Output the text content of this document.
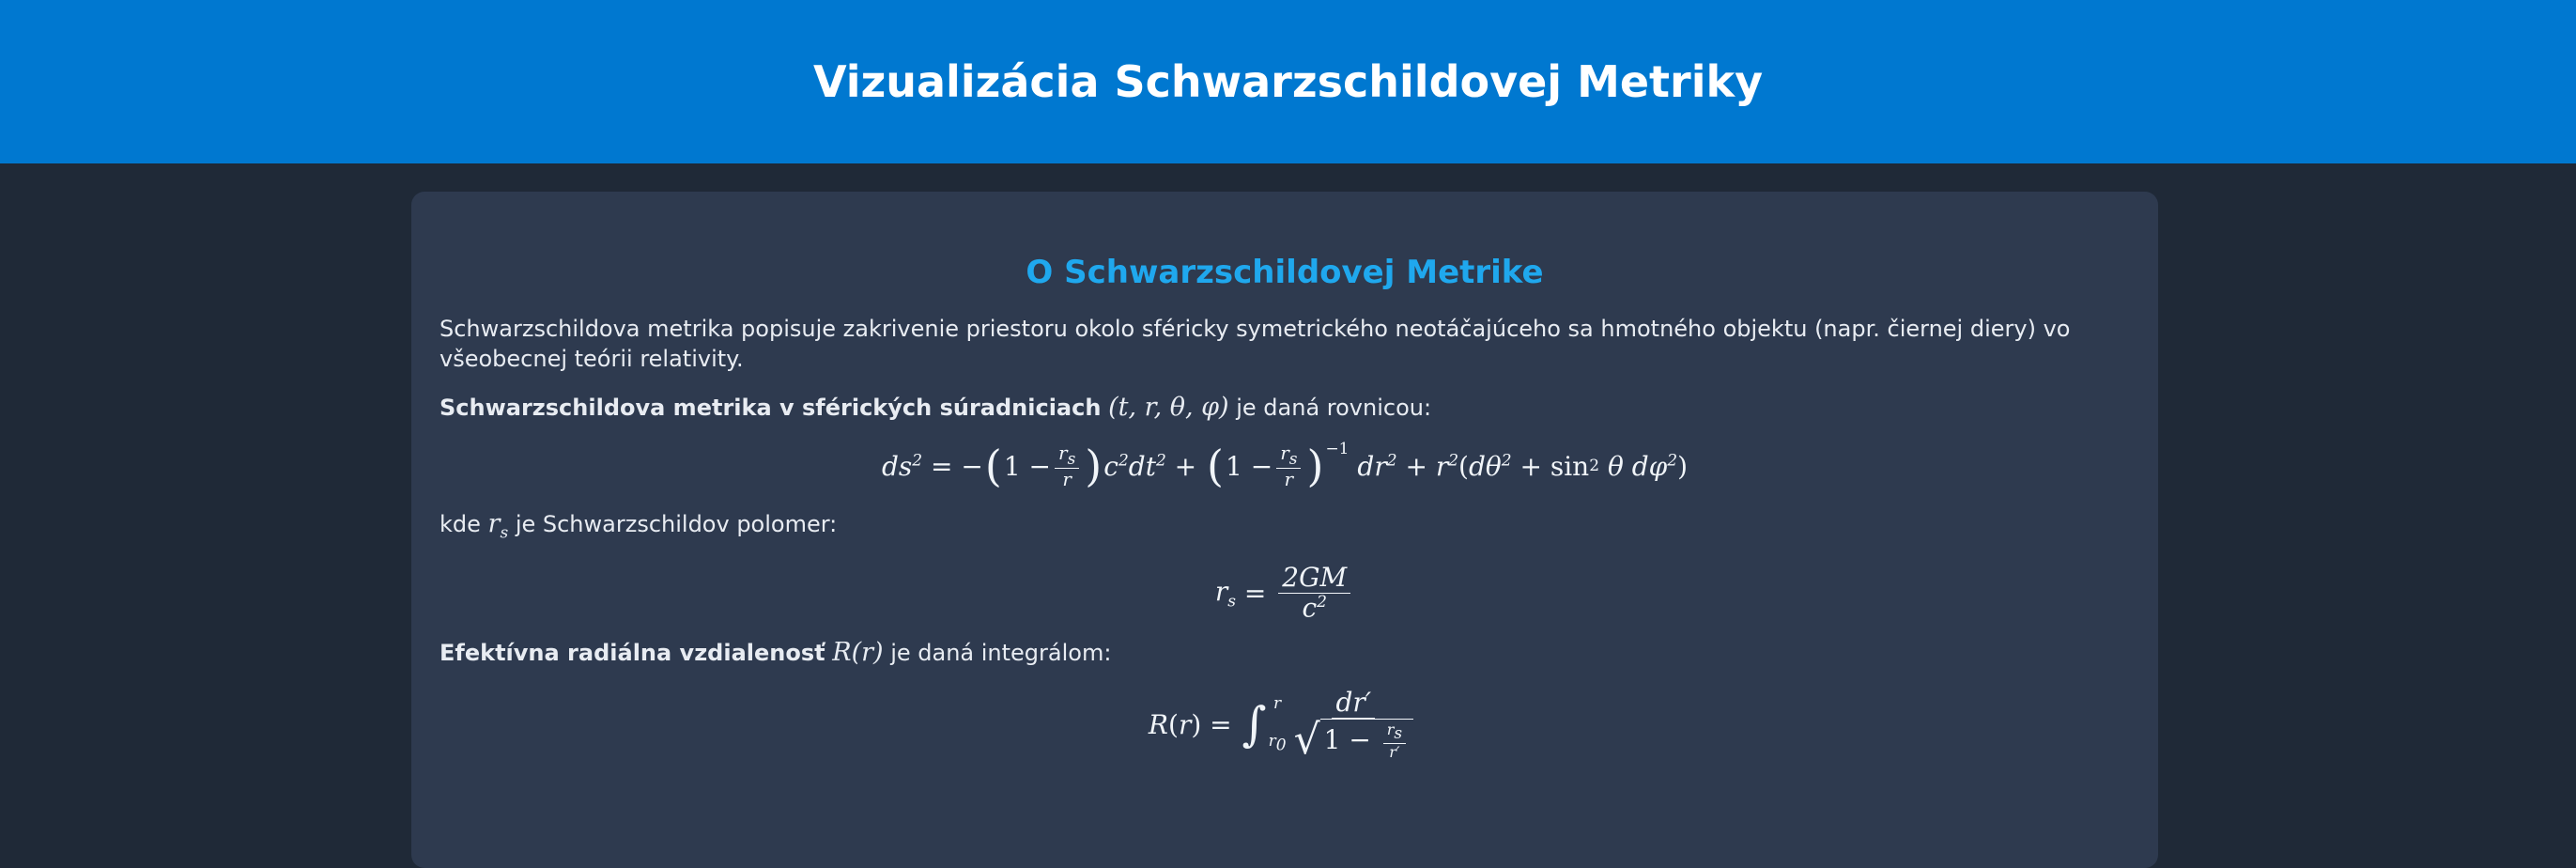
Vizualizácia Schwarzschildovej Metriky
O Schwarzschildovej Metrike

Schwarzschildova metrika popisuje zakrivenie priestoru okolo sféricky symetrického neotáčajúceho sa hmotného objektu (napr. čiernej diery) vo všeobecnej teórii relativity.

Schwarzschildova metrika v sférických súradniciach (t, r, θ, φ) je daná rovnicou:

$ds^2$ = − ( $1 - \frac{r_s}{r}$ ) $c^2dt^2$ + ( $1 - \frac{r_s}{r} )^{-1}$
$dr^2 + r^2$ ( $d\theta^2 + \sin 2$
θ $d\varphi^2$ )

kde $r_s$ je Schwarzschildov polomer:

$r_s = \frac{2GM}{c^2}$

Efektívna radiálna vzdialenosť R(r) je daná integrálom:

R ( r ) = ∫ r
$r_0 \frac{dr'}{√ 1 - \frac{r_s}{r'}}$
